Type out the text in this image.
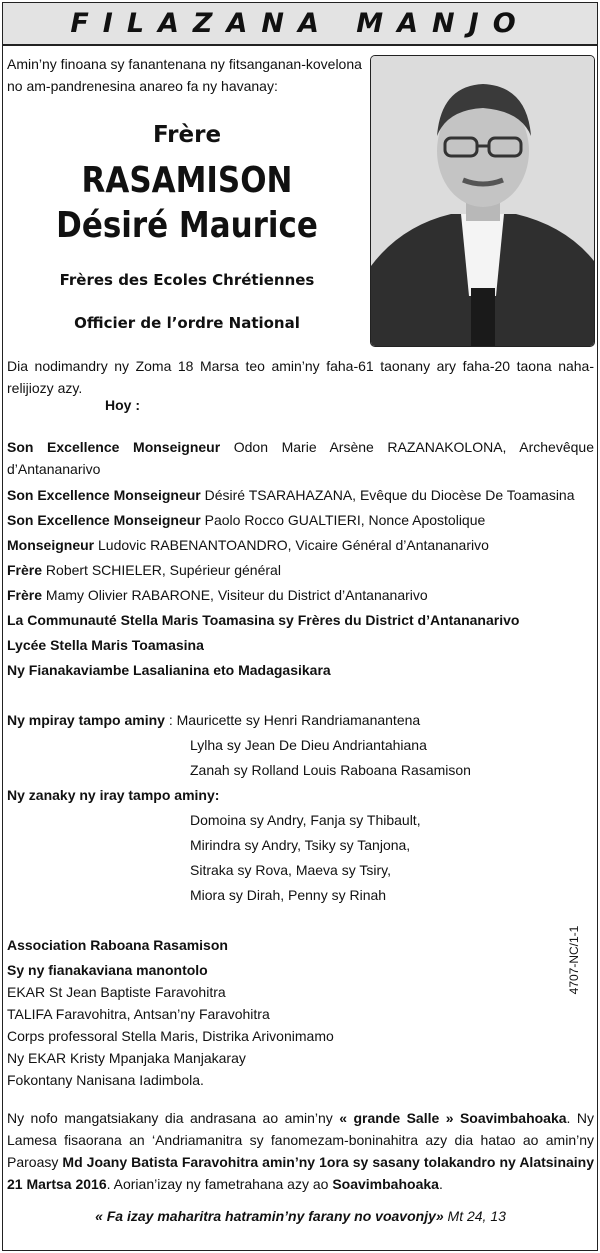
FILAZANA MANJO
Amin’ny finoana sy fanantenana ny fitsanganan-kovelona no am-pandrenesina anareo fa ny havanay:
Frère
RASAMISON
Désiré Maurice
Frères des Ecoles Chrétiennes
Officier de l’ordre National
Dia nodimandry ny Zoma 18 Marsa teo amin’ny faha-61 taonany ary faha-20 taona naha-relijiozy azy.
Hoy :
Son Excellence Monseigneur Odon Marie Arsène RAZANAKOLONA, Archevêque d’Antananarivo
Son Excellence Monseigneur Désiré TSARAHAZANA, Evêque du Diocèse De Toamasina
Son Excellence Monseigneur Paolo Rocco GUALTIERI, Nonce Apostolique
Monseigneur Ludovic RABENANTOANDRO, Vicaire Général d’Antananarivo
Frère Robert SCHIELER, Supérieur général
Frère Mamy Olivier RABARONE, Visiteur du District d’Antananarivo
La Communauté Stella Maris Toamasina sy Frères du District d’Antananarivo
Lycée Stella Maris Toamasina
Ny Fianakaviambe Lasalianina eto Madagasikara
Ny mpiray tampo aminy : Mauricette sy Henri Randriamanantena
Lylha sy Jean De Dieu Andriantahiana
Zanah sy Rolland Louis Raboana Rasamison
Ny zanaky ny iray tampo aminy:
Domoina sy Andry, Fanja sy Thibault,
Mirindra sy Andry, Tsiky sy Tanjona,
Sitraka sy Rova, Maeva sy Tsiry,
Miora sy Dirah, Penny sy Rinah
Association Raboana Rasamison
Sy ny fianakaviana manontolo
EKAR St Jean Baptiste Faravohitra
TALIFA Faravohitra, Antsan’ny Faravohitra
Corps professoral Stella Maris, Distrika Arivonimamo
Ny EKAR Kristy Mpanjaka Manjakaray
Fokontany Nanisana Iadimbola.
4707-NC/1-1
Ny nofo mangatsiakany dia andrasana ao amin’ny « grande Salle » Soavimbahoaka. Ny Lamesa fisaorana an ‘Andriamanitra sy fanomezam-boninahitra azy dia hatao ao amin’ny Paroasy Md Joany Batista Faravohitra amin’ny 1ora sy sasany tolakandro ny Alatsinainy 21 Martsa 2016. Aorian’izay ny fametrahana azy ao Soavimbahoaka.
« Fa izay maharitra hatramin’ny farany no voavonjy» Mt 24, 13
